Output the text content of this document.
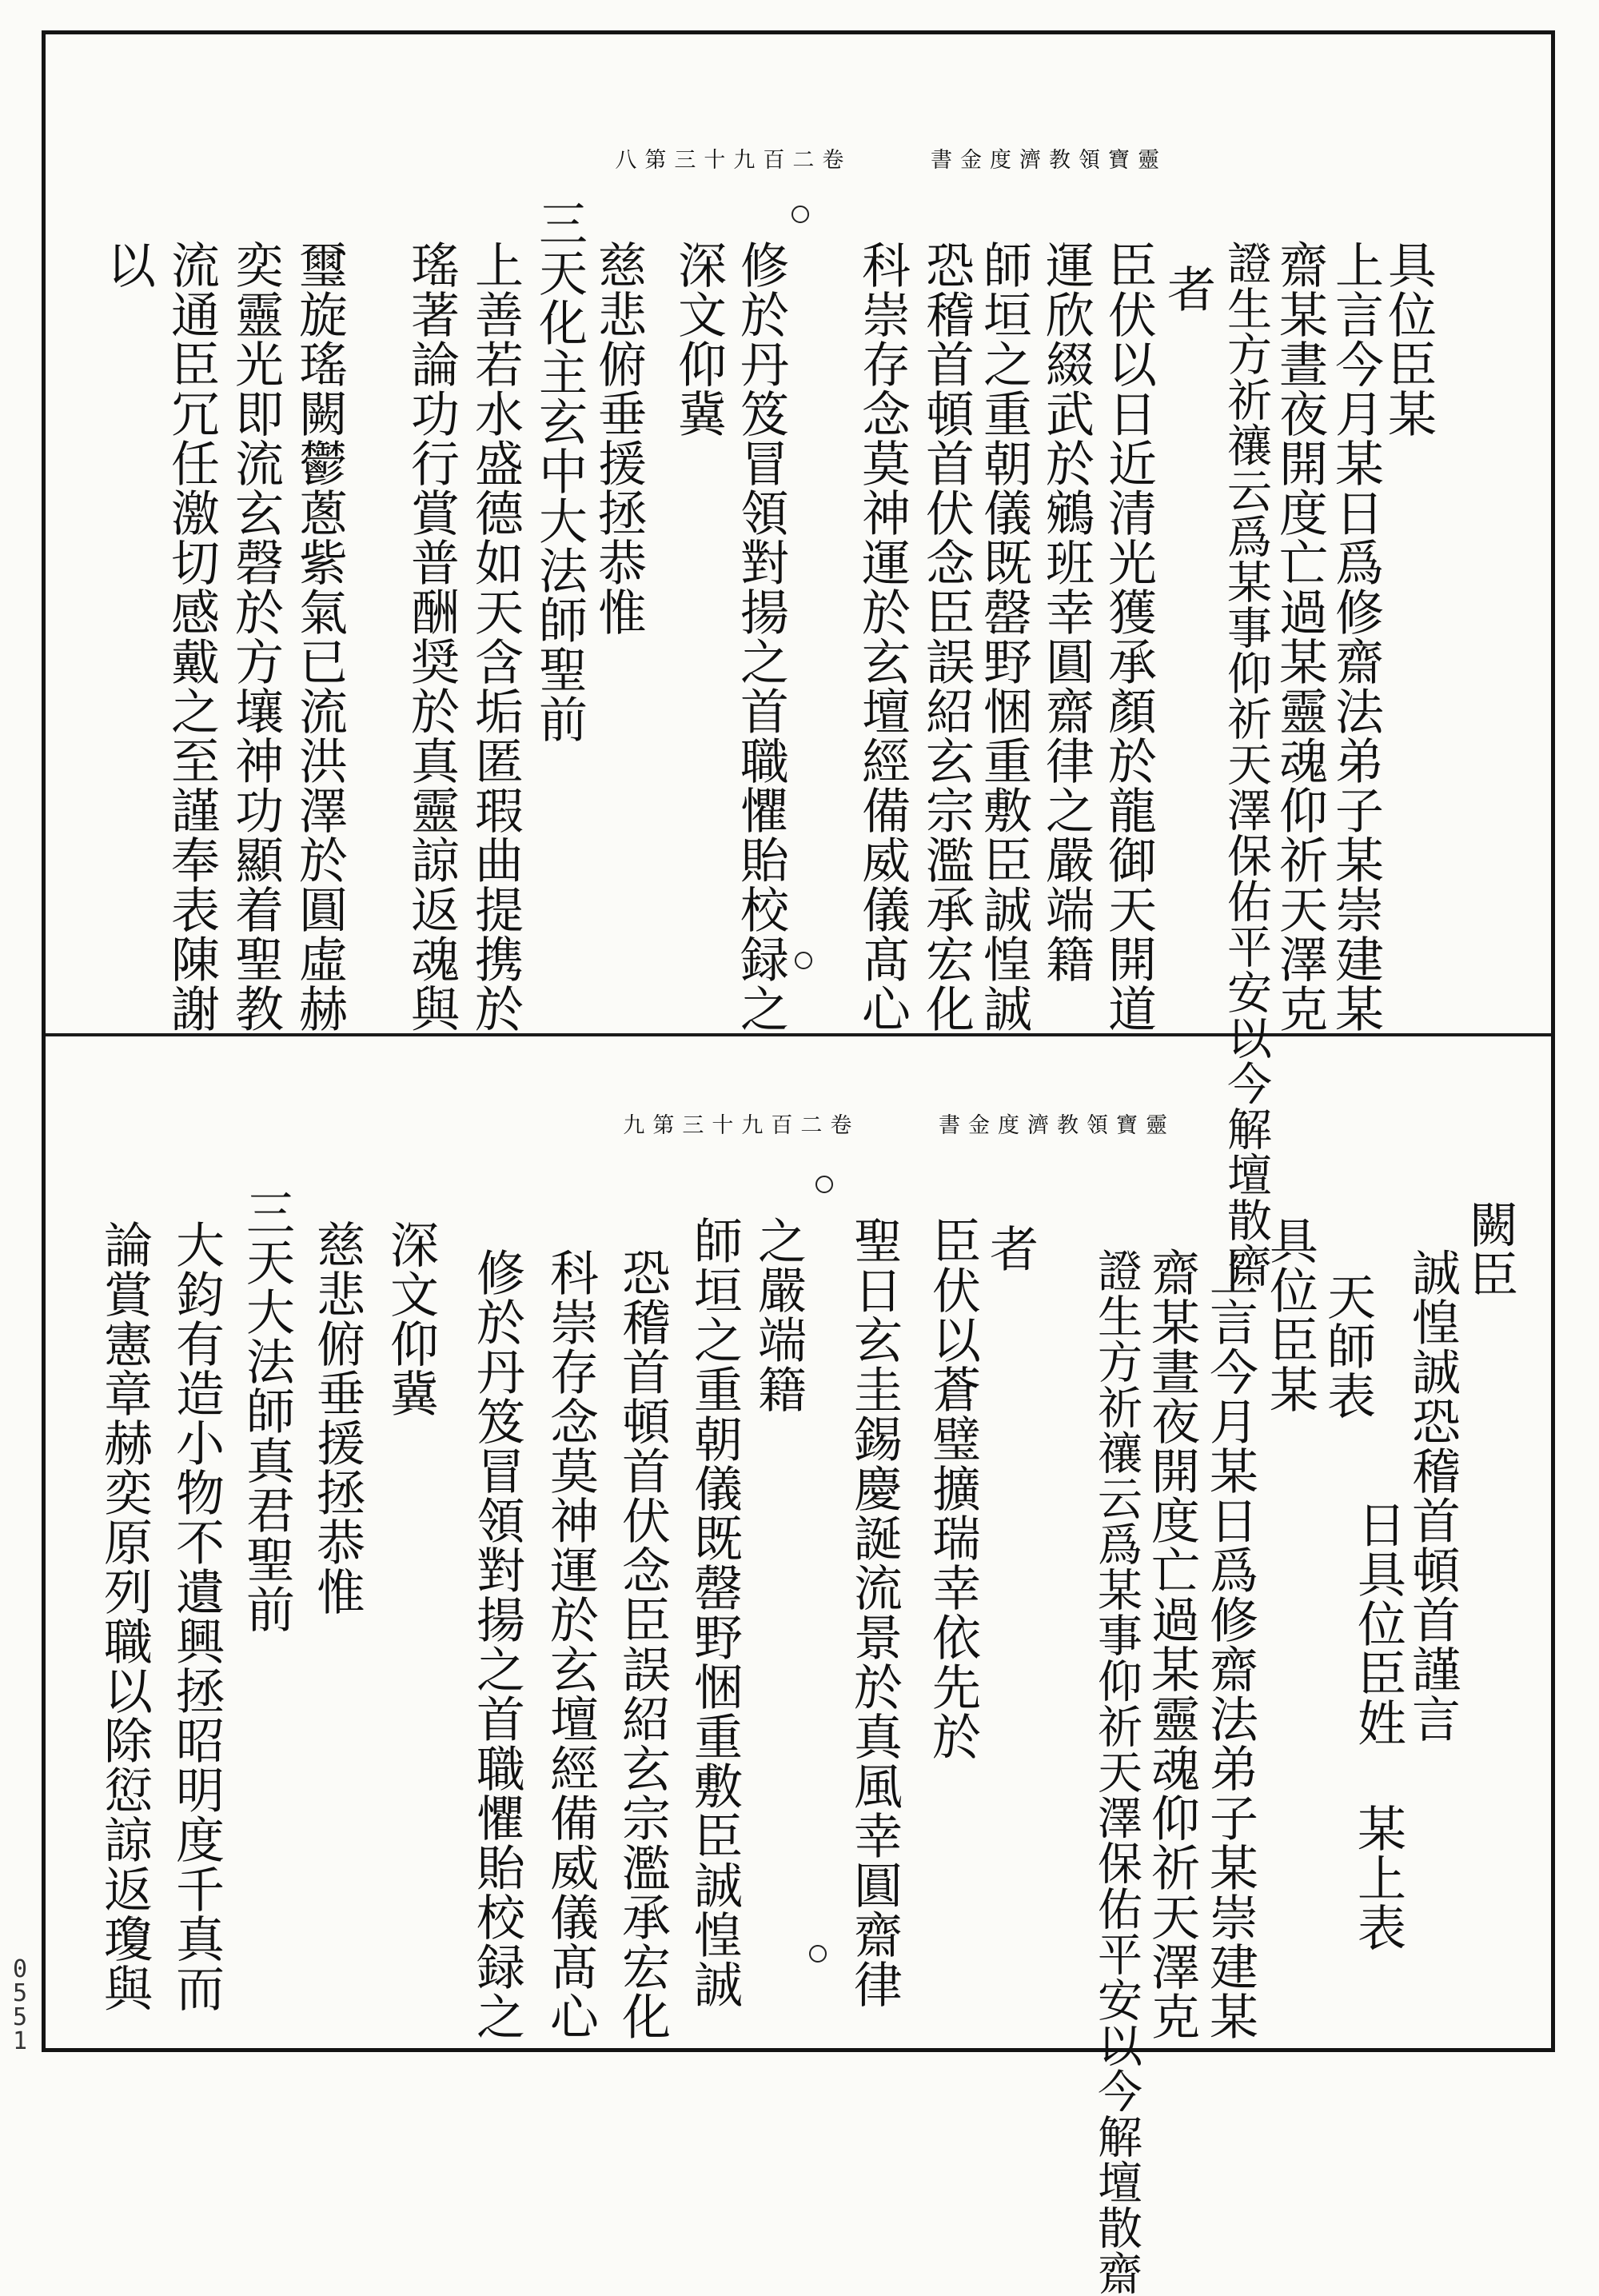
靈寶領教濟度金書 卷二百九十三第八
具位臣某
上言今月某日爲修齋法弟子某崇建某
齋某晝夜開度亡過某靈魂仰祈天澤克
證生方祈禳云爲某事仰祈天澤保佑平安以今解壇散齋
者
臣伏以日近清光獲承顏於龍御天開道
運欣綴武於鵷班幸圓齋律之嚴端籍
師垣之重朝儀既罄野悃重敷臣誠惶誠
恐稽首頓首伏念臣誤紹玄宗濫承宏化
科崇存念莫神運於玄壇經備威儀髙心
修於丹笈冒領對揚之首職懼貽校録之
深文仰冀
慈悲俯垂援拯恭惟
三天化主玄中大法師聖前
上善若水盛德如天含垢匿瑕曲提携於
瑤著論功行賞普酬奨於真靈諒返魂與
璽旋瑤闕鬱蔥紫氣已流洪澤於圓虛赫
奕靈光即流玄磬於方壤神功顯着聖教
流通臣冗任激切感戴之至謹奉表陳謝
以
靈寶領教濟度金書 卷二百九十三第九
闕臣
誠惶誠恐稽首頓首謹言
日具位臣姓
某上表
天師表
具位臣某
上言今月某日爲修齋法弟子某崇建某
齋某晝夜開度亡過某靈魂仰祈天澤克
證生方祈禳云爲某事仰祈天澤保佑平安以今解壇散齋
者
臣伏以蒼璧擴瑞幸依先於
聖日玄圭錫慶誕流景於真風幸圓齋律
之嚴端籍
師垣之重朝儀既罄野悃重敷臣誠惶誠
恐稽首頓首伏念臣誤紹玄宗濫承宏化
科崇存念莫神運於玄壇經備威儀髙心
修於丹笈冒領對揚之首職懼貽校録之
深文仰冀
慈悲俯垂援拯恭惟
三天大法師真君聖前
大鈞有造小物不遺興拯昭明度千真而
論賞憲章赫奕原列職以除愆諒返瓊與
0551
